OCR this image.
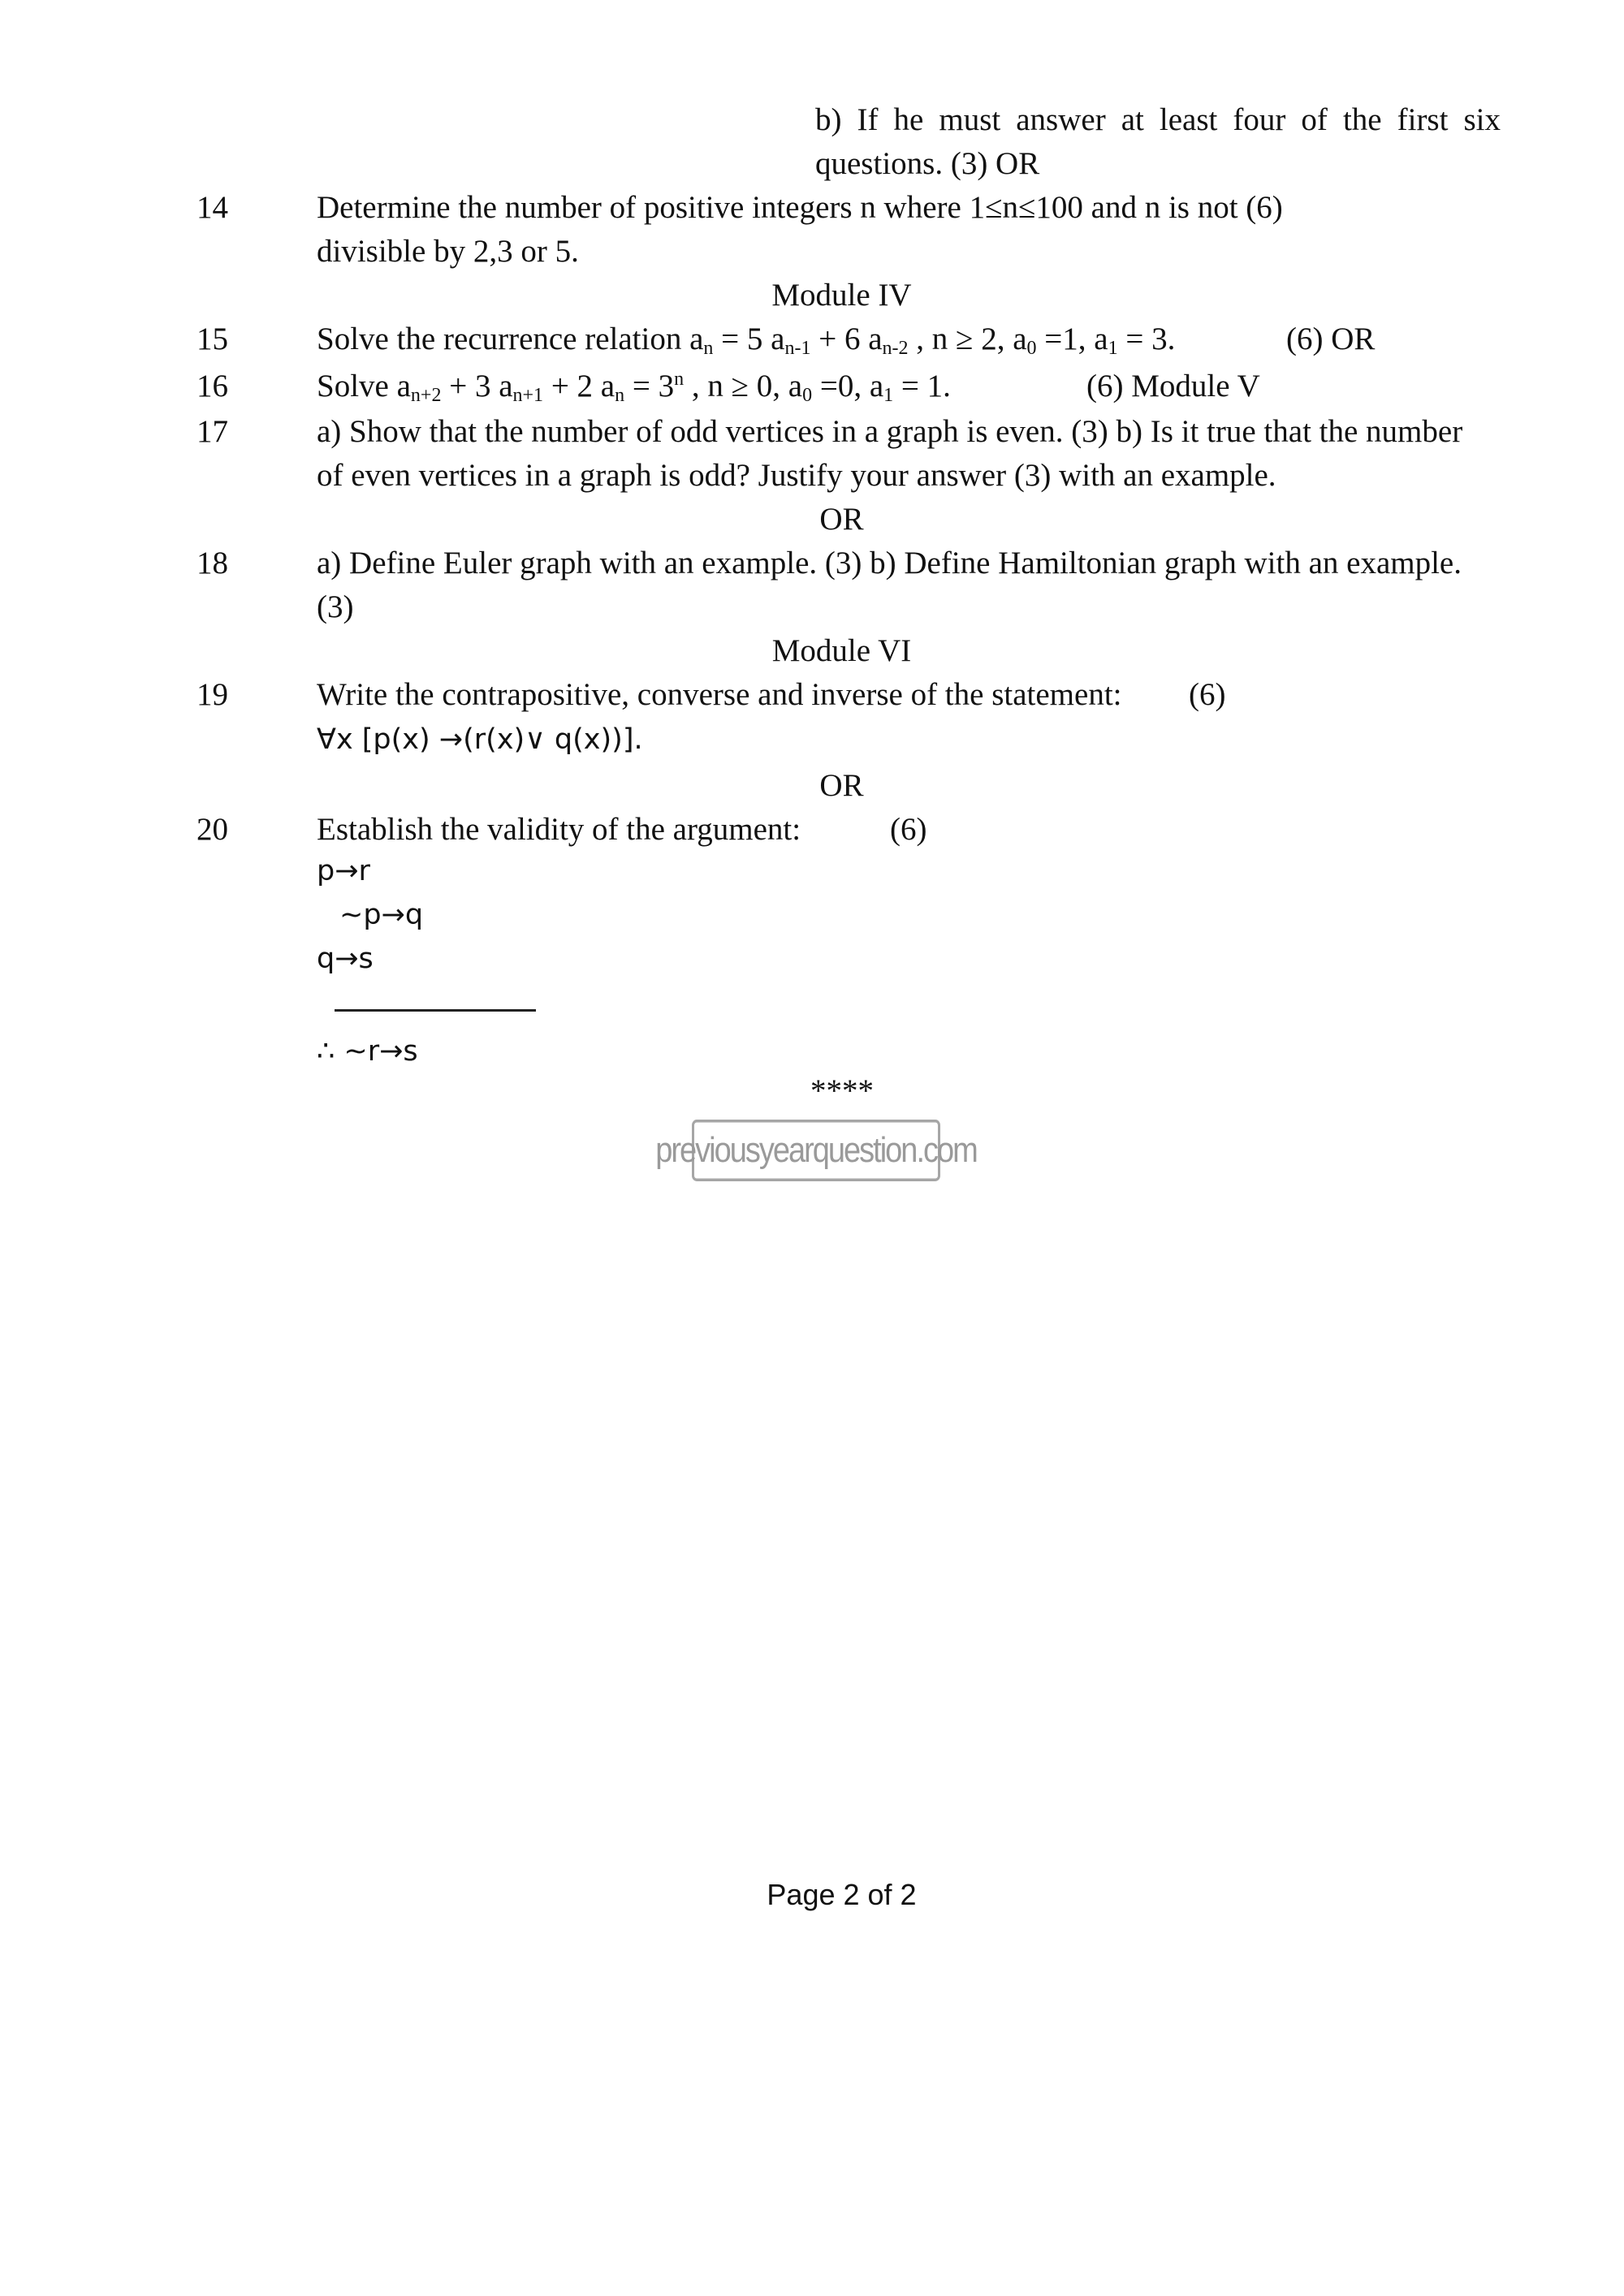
b) If he must answer at least four of the first six
questions. (3) OR
14	Determine the number of positive integers n where 1≤n≤100 and n is not (6)
divisible by 2,3 or 5.
Module IV
15	Solve the recurrence relation $a_n = 5$ $a_{n-1} + 6$ $a_{n-2}$ , n ≥ 2, $a_0 =1$, $a_1 = 3$.	(6) OR
16	Solve $a_{n+2} + 3$ $a_{n+1} + 2$ $a_n = 3^n$ , n ≥ 0, $a_0 =0$, $a_1 = 1$.	(6) Module V
17	a) Show that the number of odd vertices in a graph is even. (3) b) Is it true that the number
of even vertices in a graph is odd? Justify your answer (3) with an example.
OR
18	a) Define Euler graph with an example. (3) b) Define Hamiltonian graph with an example.
(3)
Module VI
19	Write the contrapositive, converse and inverse of the statement: (6)
∀x [p(x) →(r(x)∨ q(x))].
OR
20	Establish the validity of the argument:	(6)
p→r
~p→q
q→s
∴ ~r→s
****
previousyearquestion.com
Page 2 of 2
